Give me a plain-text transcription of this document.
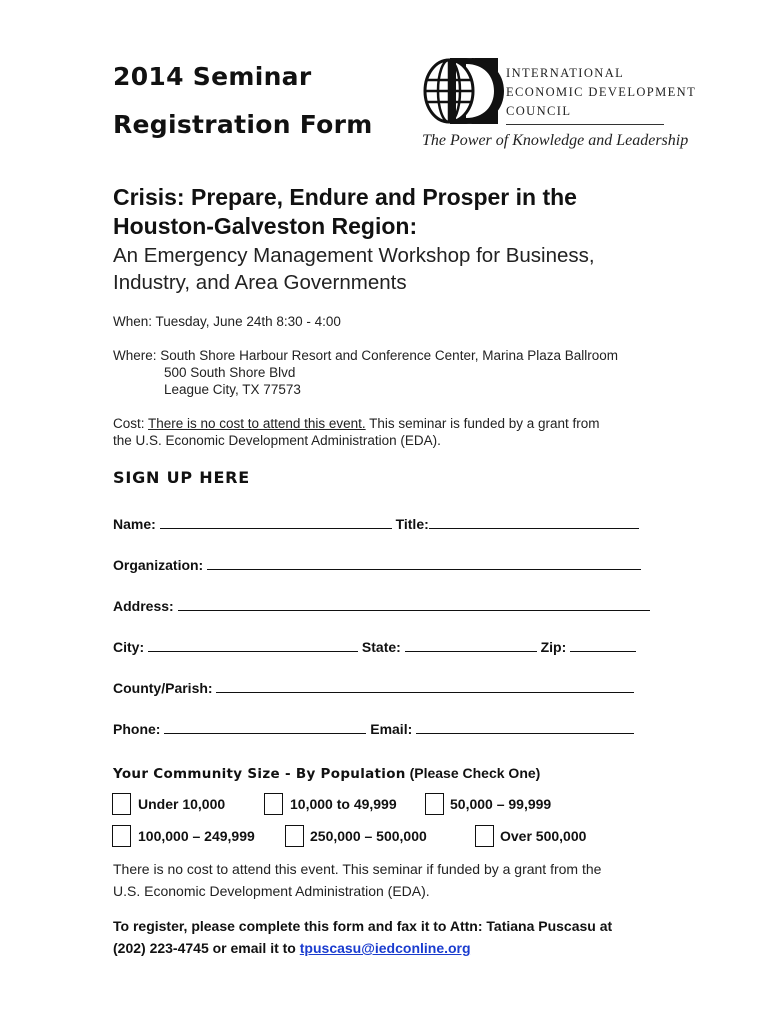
2014 Seminar
Registration Form
INTERNATIONAL
ECONOMIC DEVELOPMENT
COUNCIL
The Power of Knowledge and Leadership
Crisis: Prepare, Endure and Prosper in the
Houston-Galveston Region:
An Emergency Management Workshop for Business,
Industry, and Area Governments
When: Tuesday, June 24th 8:30 - 4:00
Where: South Shore Harbour Resort and Conference Center, Marina Plaza Ballroom
500 South Shore Blvd
League City, TX 77573
Cost: There is no cost to attend this event. This seminar is funded by a grant from
the U.S. Economic Development Administration (EDA).
SIGN UP HERE
Name:	Title:
Organization:
Address:
City:	State:	Zip:
County/Parish:
Phone:	Email:
Your Community Size - By Population (Please Check One)
Under 10,000	10,000 to 49,999	50,000 – 99,999
100,000 – 249,999	250,000 – 500,000	Over 500,000
There is no cost to attend this event. This seminar if funded by a grant from the
U.S. Economic Development Administration (EDA).
To register, please complete this form and fax it to Attn: Tatiana Puscasu at
(202) 223-4745 or email it to tpuscasu@iedconline.org
